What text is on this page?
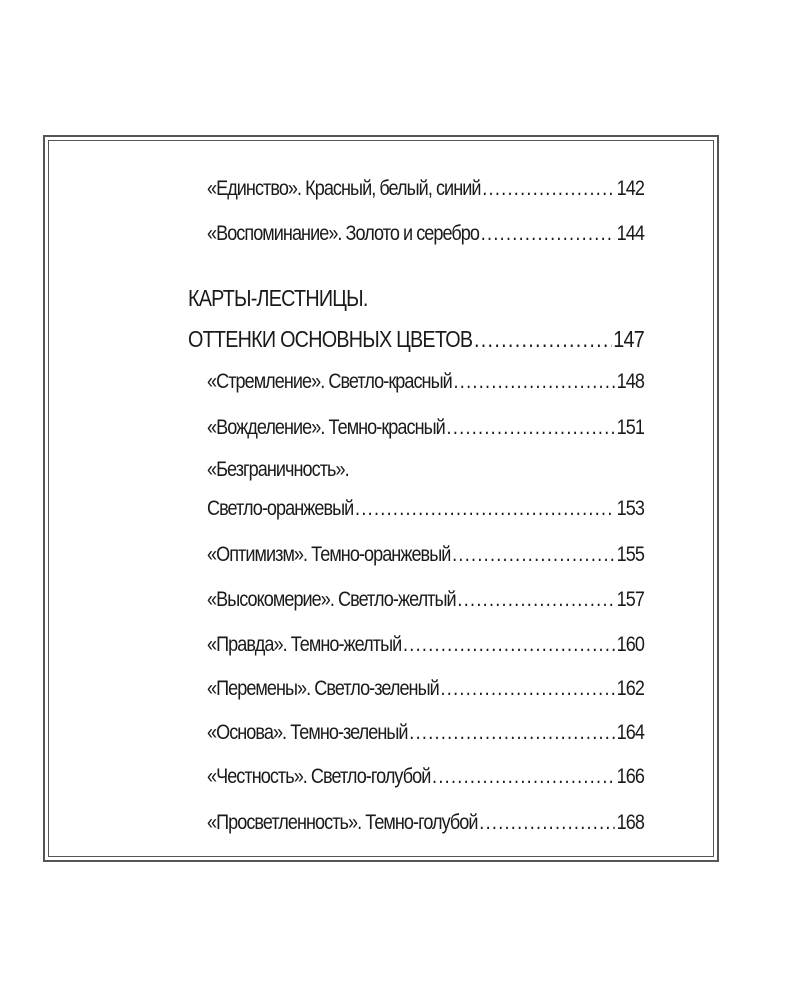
«Единство». Красный, белый, синий .....	142
«Воспоминание». Золото и серебро .....	144
КАРТЫ-ЛЕСТНИЦЫ.
ОТТЕНКИ ОСНОВНЫХ ЦВЕТОВ .....	147
«Стремление». Светло-красный .....	148
«Вожделение». Темно-красный .....	151
«Безграничность».
Светло-оранжевый .....	153
«Оптимизм». Темно-оранжевый .....	155
«Высокомерие». Светло-желтый .....	157
«Правда». Темно-желтый .....	160
«Перемены». Светло-зеленый .....	162
«Основа». Темно-зеленый .....	164
«Честность». Светло-голубой .....	166
«Просветленность». Темно-голубой .....	168
